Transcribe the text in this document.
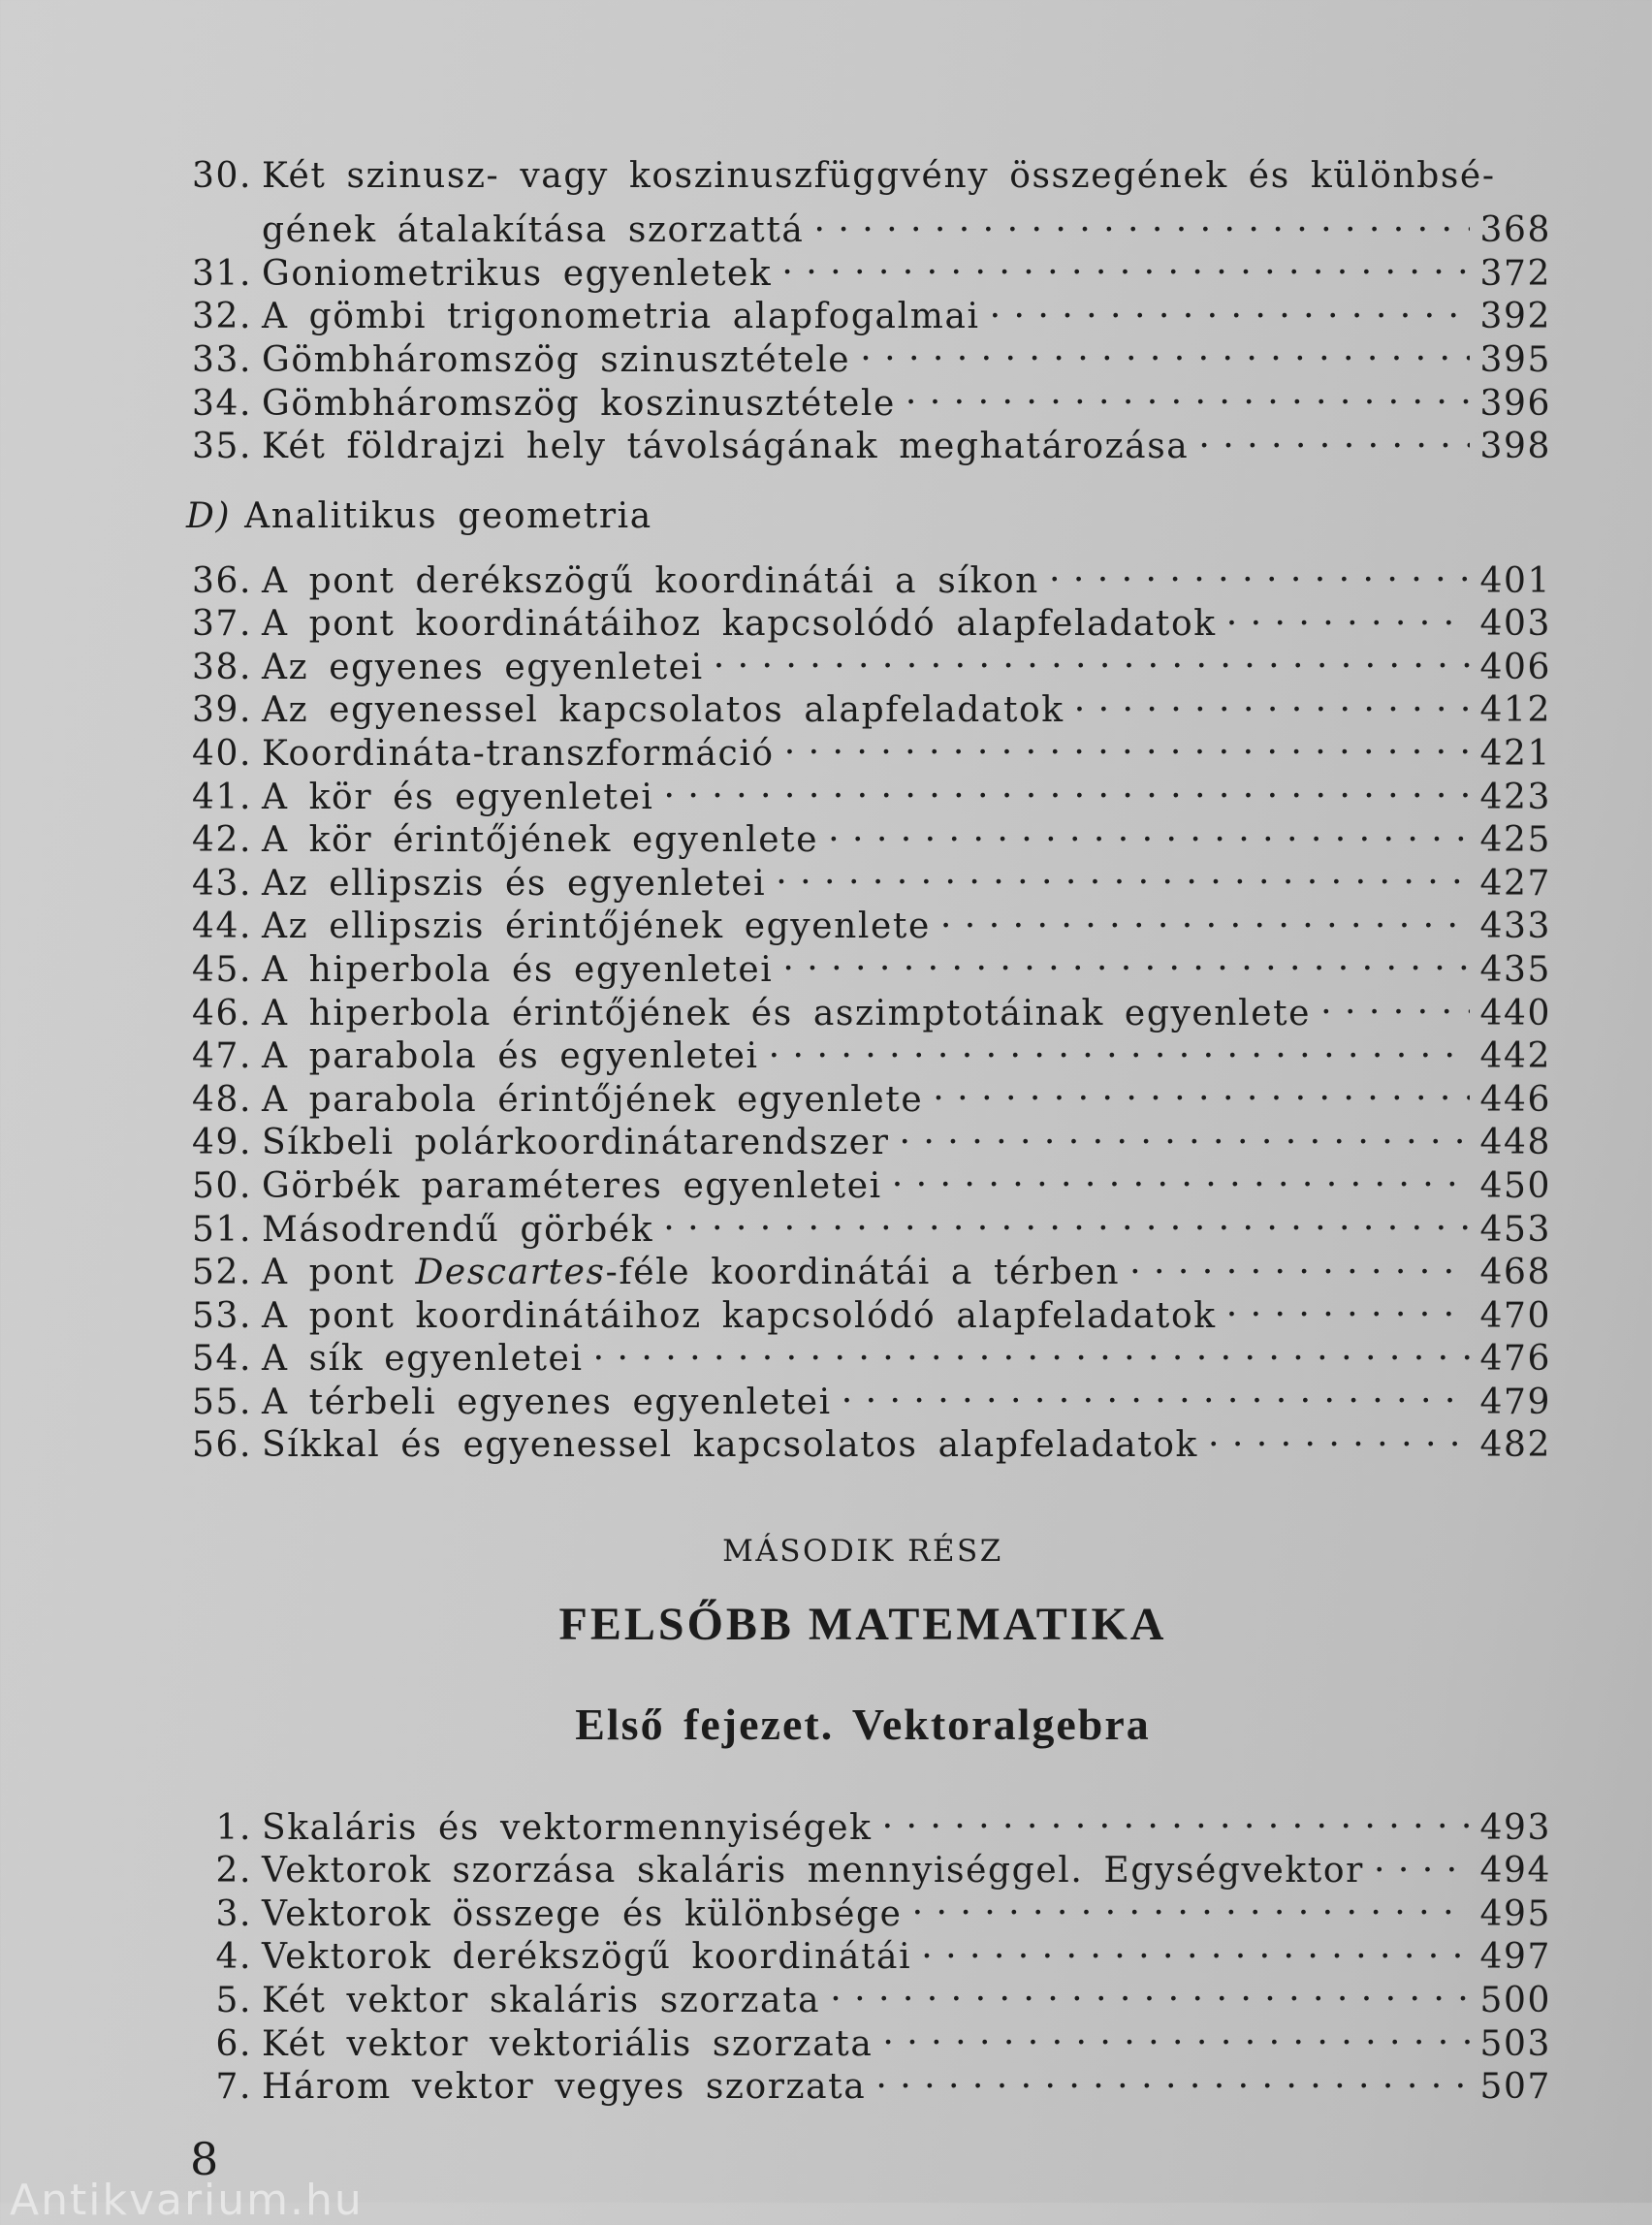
30. Két szinusz- vagy koszinuszfüggvény összegének és különbsé-
gének átalakítása szorzattá . . .	368
31. Goniometrikus egyenletek . . .	372
32. A gömbi trigonometria alapfogalmai . . .	392
33. Gömbháromszög szinusztétele . . .	395
34. Gömbháromszög koszinusztétele . . .	396
35. Két földrajzi hely távolságának meghatározása . . .	398
D) Analitikus geometria
36. A pont derékszögű koordinátái a síkon . . .	401
37. A pont koordinátáihoz kapcsolódó alapfeladatok . . .	403
38. Az egyenes egyenletei . . .	406
39. Az egyenessel kapcsolatos alapfeladatok . . .	412
40. Koordináta-transzformáció . . .	421
41. A kör és egyenletei . . .	423
42. A kör érintőjének egyenlete . . .	425
43. Az ellipszis és egyenletei . . .	427
44. Az ellipszis érintőjének egyenlete . . .	433
45. A hiperbola és egyenletei . . .	435
46. A hiperbola érintőjének és aszimptotáinak egyenlete . . .	440
47. A parabola és egyenletei . . .	442
48. A parabola érintőjének egyenlete . . .	446
49. Síkbeli polárkoordinátarendszer . . .	448
50. Görbék paraméteres egyenletei . . .	450
51. Másodrendű görbék . . .	453
52. A pont Descartes-féle koordinátái a térben . . .	468
53. A pont koordinátáihoz kapcsolódó alapfeladatok . . .	470
54. A sík egyenletei . . .	476
55. A térbeli egyenes egyenletei . . .	479
56. Síkkal és egyenessel kapcsolatos alapfeladatok . . .	482
MÁSODIK RÉSZ
FELSŐBB MATEMATIKA
Első fejezet. Vektoralgebra
1. Skaláris és vektormennyiségek . . .	493
2. Vektorok szorzása skaláris mennyiséggel. Egységvektor . . .	494
3. Vektorok összege és különbsége . . .	495
4. Vektorok derékszögű koordinátái . . .	497
5. Két vektor skaláris szorzata . . .	500
6. Két vektor vektoriális szorzata . . .	503
7. Három vektor vegyes szorzata . . .	507
8
Antikvarium.hu
